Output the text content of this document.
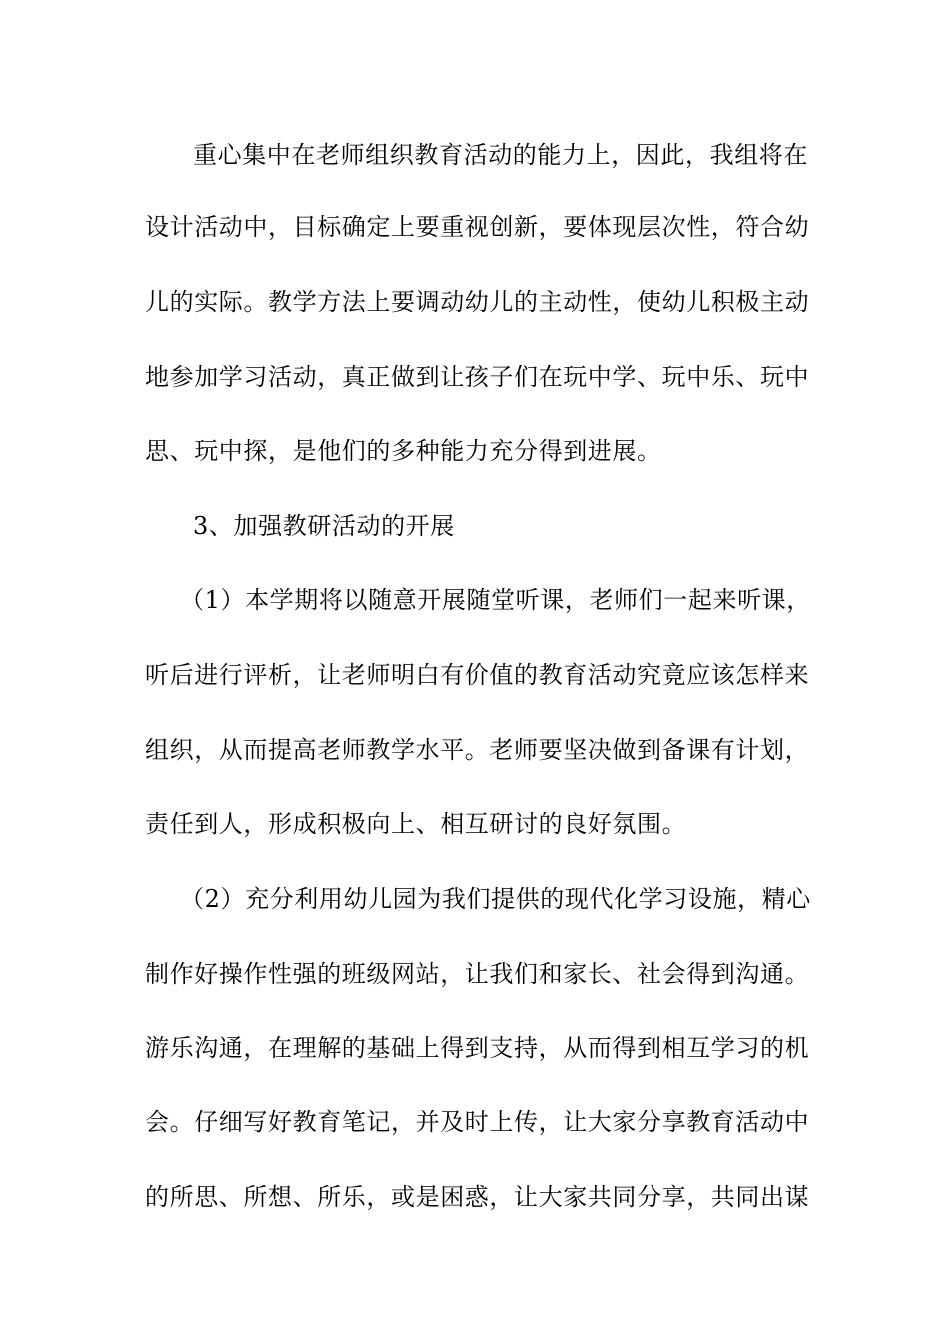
重心集中在老师组织教育活动的能力上，因此，我组将在
设计活动中，目标确定上要重视创新，要体现层次性，符合幼
儿的实际。教学方法上要调动幼儿的主动性，使幼儿积极主动
地参加学习活动，真正做到让孩子们在玩中学、玩中乐、玩中
思、玩中探，是他们的多种能力充分得到进展。
3、加强教研活动的开展
（1）本学期将以随意开展随堂听课，老师们一起来听课，
听后进行评析，让老师明白有价值的教育活动究竟应该怎样来
组织，从而提高老师教学水平。老师要坚决做到备课有计划，
责任到人，形成积极向上、相互研讨的良好氛围。
（2）充分利用幼儿园为我们提供的现代化学习设施，精心
制作好操作性强的班级网站，让我们和家长、社会得到沟通。
游乐沟通，在理解的基础上得到支持，从而得到相互学习的机
会。仔细写好教育笔记，并及时上传，让大家分享教育活动中
的所思、所想、所乐，或是困惑，让大家共同分享，共同出谋
